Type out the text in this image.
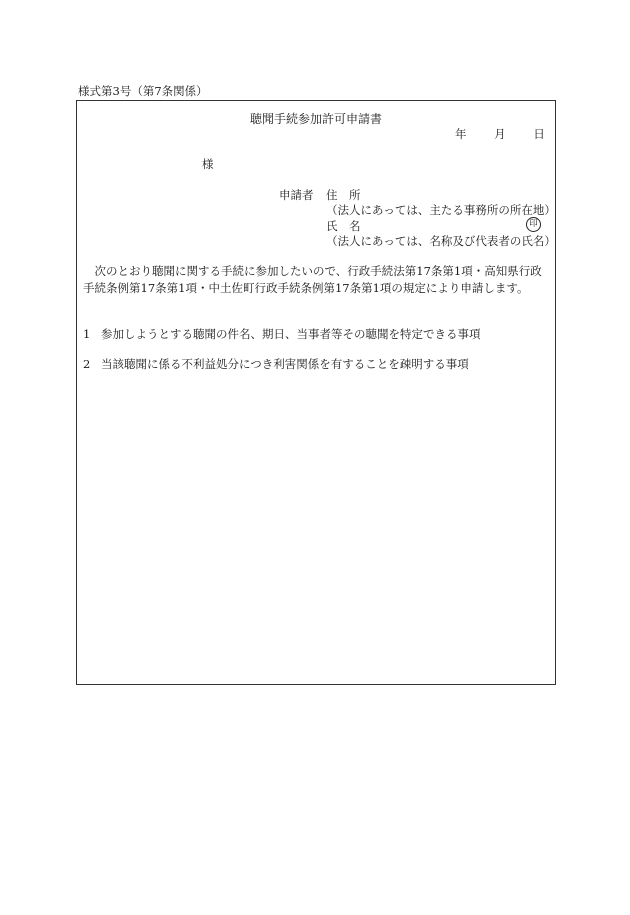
様式第3号（第7条関係）
聴聞手続参加許可申請書
年 月 日
様
申請者 住　所
（法人にあっては、主たる事務所の所在地）
氏　名	印
（法人にあっては、名称及び代表者の氏名）
次のとおり聴聞に関する手続に参加したいので、行政手続法第17条第1項・高知県行政手続条例第17条第1項・中土佐町行政手続条例第17条第1項の規定により申請します。
1 参加しようとする聴聞の件名、期日、当事者等その聴聞を特定できる事項
2 当該聴聞に係る不利益処分につき利害関係を有することを疎明する事項
